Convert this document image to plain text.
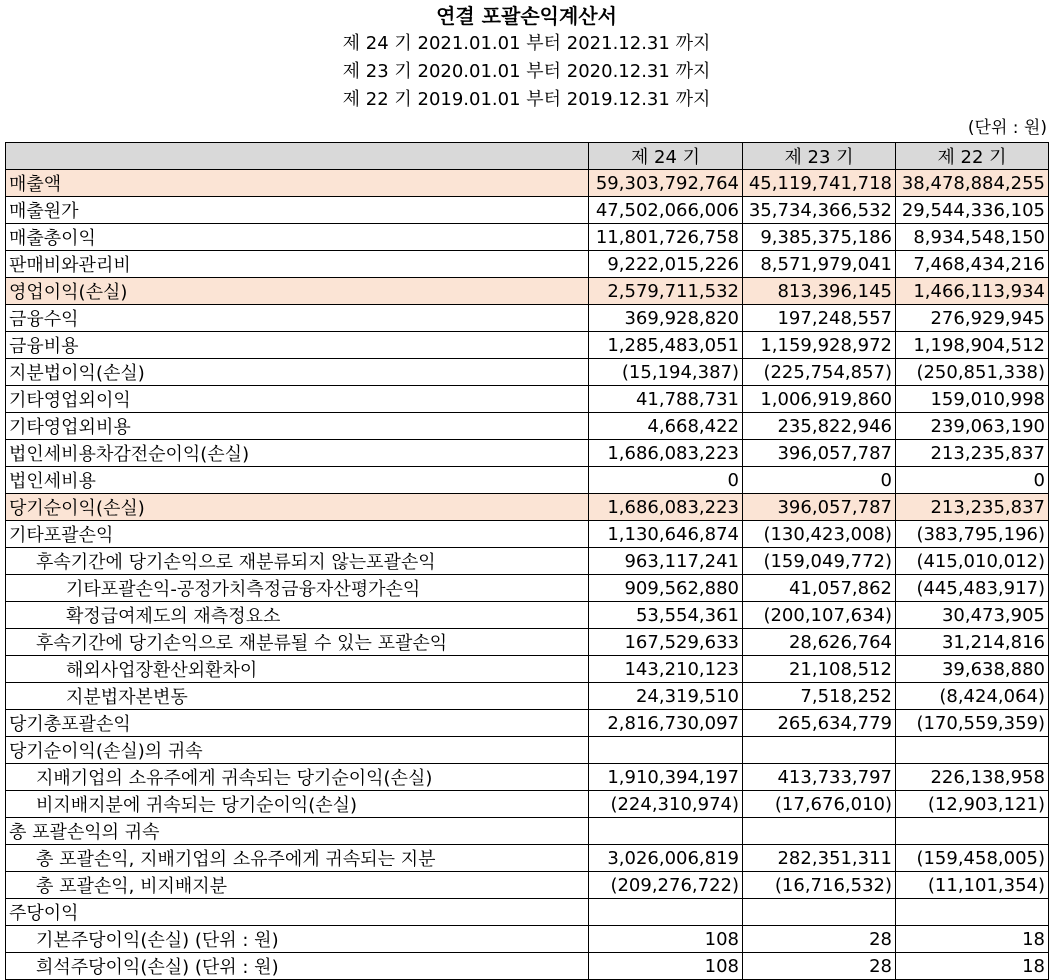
연결 포괄손익계산서
제 24 기 2021.01.01 부터 2021.12.31 까지
제 23 기 2020.01.01 부터 2020.12.31 까지
제 22 기 2019.01.01 부터 2019.12.31 까지
(단위 : 원)
	제 24 기	제 23 기	제 22 기
매출액	59,303,792,764	45,119,741,718	38,478,884,255
매출원가	47,502,066,006	35,734,366,532	29,544,336,105
매출총이익	11,801,726,758	9,385,375,186	8,934,548,150
판매비와관리비	9,222,015,226	8,571,979,041	7,468,434,216
영업이익(손실)	2,579,711,532	813,396,145	1,466,113,934
금융수익	369,928,820	197,248,557	276,929,945
금융비용	1,285,483,051	1,159,928,972	1,198,904,512
지분법이익(손실)	(15,194,387)	(225,754,857)	(250,851,338)
기타영업외이익	41,788,731	1,006,919,860	159,010,998
기타영업외비용	4,668,422	235,822,946	239,063,190
법인세비용차감전순이익(손실)	1,686,083,223	396,057,787	213,235,837
법인세비용	0	0	0
당기순이익(손실)	1,686,083,223	396,057,787	213,235,837
기타포괄손익	1,130,646,874	(130,423,008)	(383,795,196)
후속기간에 당기손익으로 재분류되지 않는포괄손익	963,117,241	(159,049,772)	(415,010,012)
기타포괄손익-공정가치측정금융자산평가손익	909,562,880	41,057,862	(445,483,917)
확정급여제도의 재측정요소	53,554,361	(200,107,634)	30,473,905
후속기간에 당기손익으로 재분류될 수 있는 포괄손익	167,529,633	28,626,764	31,214,816
해외사업장환산외환차이	143,210,123	21,108,512	39,638,880
지분법자본변동	24,319,510	7,518,252	(8,424,064)
당기총포괄손익	2,816,730,097	265,634,779	(170,559,359)
당기순이익(손실)의 귀속			
지배기업의 소유주에게 귀속되는 당기순이익(손실)	1,910,394,197	413,733,797	226,138,958
비지배지분에 귀속되는 당기순이익(손실)	(224,310,974)	(17,676,010)	(12,903,121)
총 포괄손익의 귀속			
총 포괄손익, 지배기업의 소유주에게 귀속되는 지분	3,026,006,819	282,351,311	(159,458,005)
총 포괄손익, 비지배지분	(209,276,722)	(16,716,532)	(11,101,354)
주당이익			
기본주당이익(손실) (단위 : 원)	108	28	18
희석주당이익(손실) (단위 : 원)	108	28	18
